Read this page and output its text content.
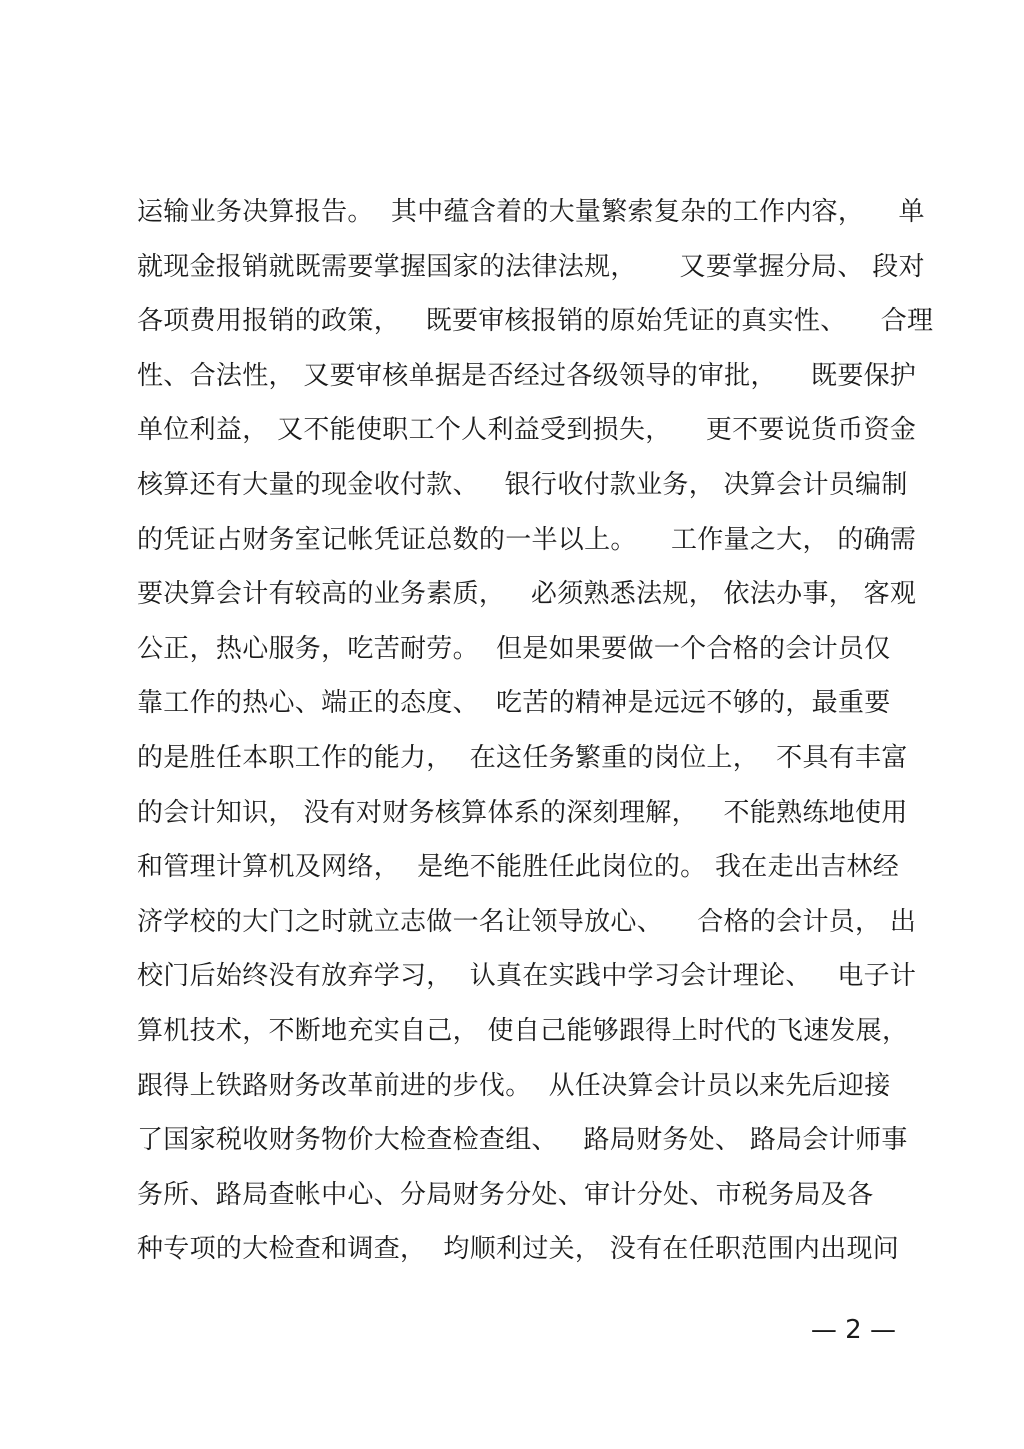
运输业务决算报告。  其中蕴含着的大量繁索复杂的工作内容，    单
就现金报销就既需要掌握国家的法律法规，     又要掌握分局、 段对
各项费用报销的政策，   既要审核报销的原始凭证的真实性、    合理
性、合法性， 又要审核单据是否经过各级领导的审批，    既要保护
单位利益， 又不能使职工个人利益受到损失，    更不要说货币资金
核算还有大量的现金收付款、   银行收付款业务， 决算会计员编制
的凭证占财务室记帐凭证总数的一半以上。    工作量之大， 的确需
要决算会计有较高的业务素质，   必须熟悉法规， 依法办事， 客观
公正，热心服务，吃苦耐劳。  但是如果要做一个合格的会计员仅
靠工作的热心、端正的态度、  吃苦的精神是远远不够的，最重要
的是胜任本职工作的能力，  在这任务繁重的岗位上，  不具有丰富
的会计知识， 没有对财务核算体系的深刻理解，   不能熟练地使用
和管理计算机及网络，  是绝不能胜任此岗位的。 我在走出吉林经
济学校的大门之时就立志做一名让领导放心、    合格的会计员， 出
校门后始终没有放弃学习，  认真在实践中学习会计理论、   电子计
算机技术，不断地充实自己， 使自己能够跟得上时代的飞速发展，
跟得上铁路财务改革前进的步伐。  从任决算会计员以来先后迎接
了国家税收财务物价大检查检查组、   路局财务处、 路局会计师事
务所、路局查帐中心、分局财务分处、审计分处、市税务局及各
种专项的大检查和调查，  均顺利过关， 没有在任职范围内出现问
— 2 —
